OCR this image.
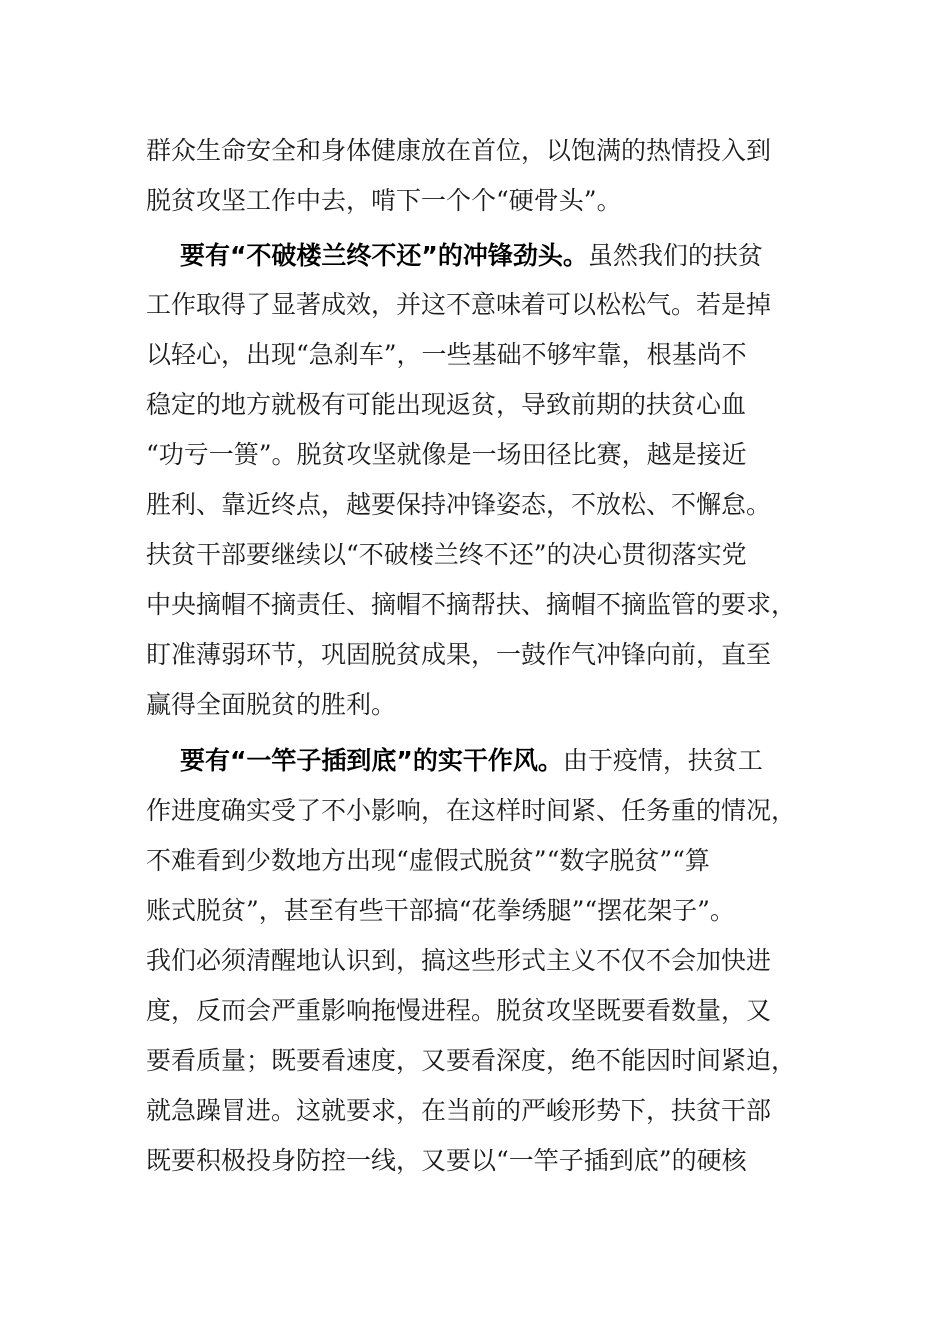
群众生命安全和身体健康放在首位，以饱满的热情投入到
脱贫攻坚工作中去，啃下一个个“硬骨头”。
要有“不破楼兰终不还”的冲锋劲头。虽然我们的扶贫
工作取得了显著成效，并这不意味着可以松松气。若是掉
以轻心，出现“急刹车”，一些基础不够牢靠，根基尚不
稳定的地方就极有可能出现返贫，导致前期的扶贫心血
“功亏一篑”。脱贫攻坚就像是一场田径比赛，越是接近
胜利、靠近终点，越要保持冲锋姿态，不放松、不懈怠。
扶贫干部要继续以“不破楼兰终不还”的决心贯彻落实党
中央摘帽不摘责任、摘帽不摘帮扶、摘帽不摘监管的要求，
盯准薄弱环节，巩固脱贫成果，一鼓作气冲锋向前，直至
赢得全面脱贫的胜利。
要有“一竿子插到底”的实干作风。由于疫情，扶贫工
作进度确实受了不小影响，在这样时间紧、任务重的情况，
不难看到少数地方出现“虚假式脱贫”“数字脱贫”“算
账式脱贫”，甚至有些干部搞“花拳绣腿”“摆花架子”。
我们必须清醒地认识到，搞这些形式主义不仅不会加快进
度，反而会严重影响拖慢进程。脱贫攻坚既要看数量，又
要看质量；既要看速度，又要看深度，绝不能因时间紧迫，
就急躁冒进。这就要求，在当前的严峻形势下，扶贫干部
既要积极投身防控一线，又要以“一竿子插到底”的硬核
